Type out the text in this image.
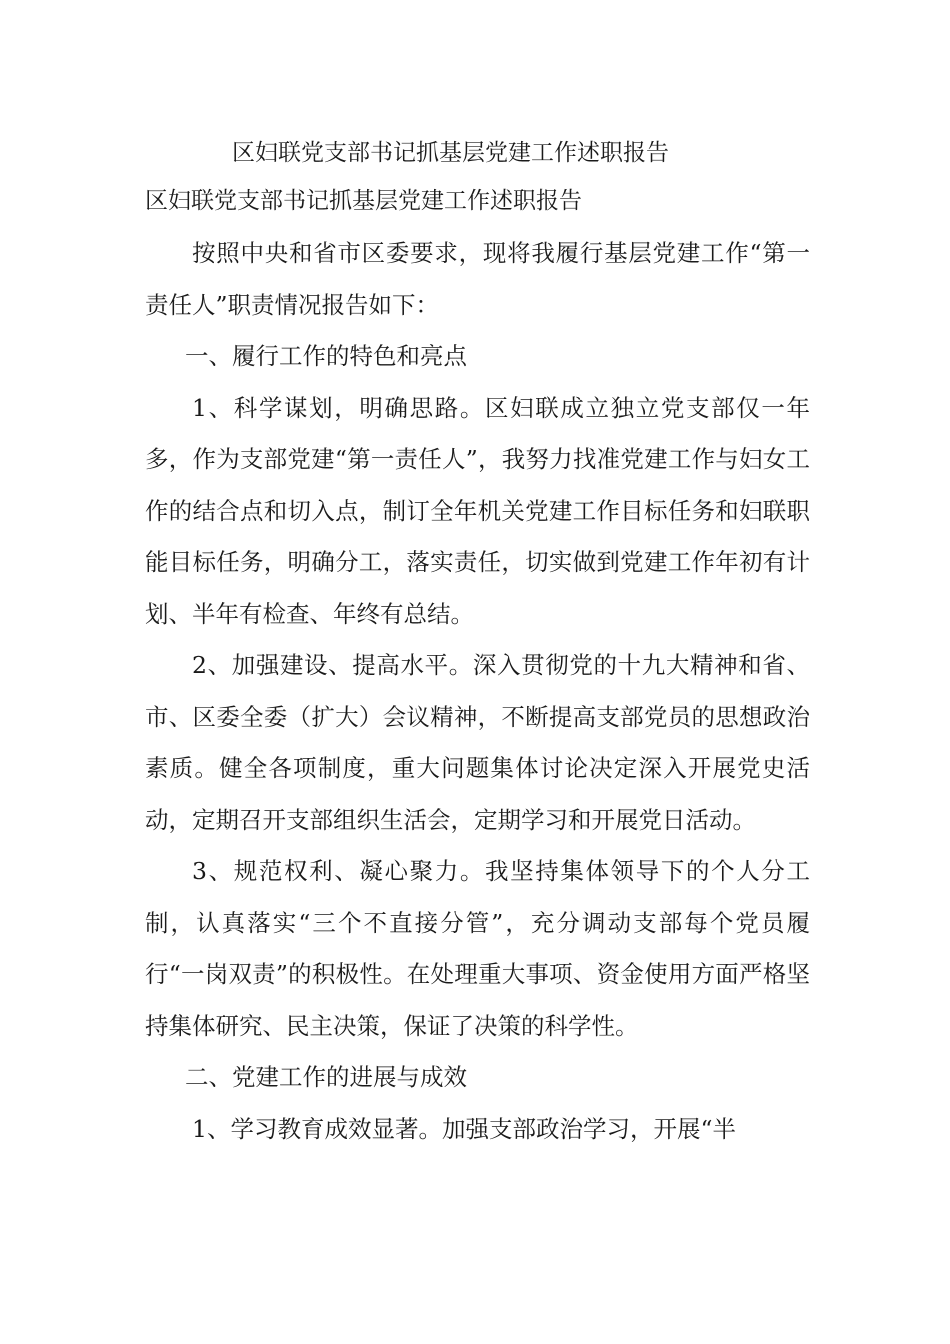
区妇联党支部书记抓基层党建工作述职报告
区妇联党支部书记抓基层党建工作述职报告

按照中央和省市区委要求，现将我履行基层党建工作“第一责任人”职责情况报告如下：

一、履行工作的特色和亮点

1、科学谋划，明确思路。区妇联成立独立党支部仅一年多，作为支部党建“第一责任人”，我努力找准党建工作与妇女工作的结合点和切入点，制订全年机关党建工作目标任务和妇联职能目标任务，明确分工，落实责任，切实做到党建工作年初有计划、半年有检查、年终有总结。

2、加强建设、提高水平。深入贯彻党的十九大精神和省、市、区委全委（扩大）会议精神，不断提高支部党员的思想政治素质。健全各项制度，重大问题集体讨论决定深入开展党史活动，定期召开支部组织生活会，定期学习和开展党日活动。

3、规范权利、凝心聚力。我坚持集体领导下的个人分工制，认真落实“三个不直接分管”，充分调动支部每个党员履行“一岗双责”的积极性。在处理重大事项、资金使用方面严格坚持集体研究、民主决策，保证了决策的科学性。

二、党建工作的进展与成效

1、学习教育成效显著。加强支部政治学习，开展“半
